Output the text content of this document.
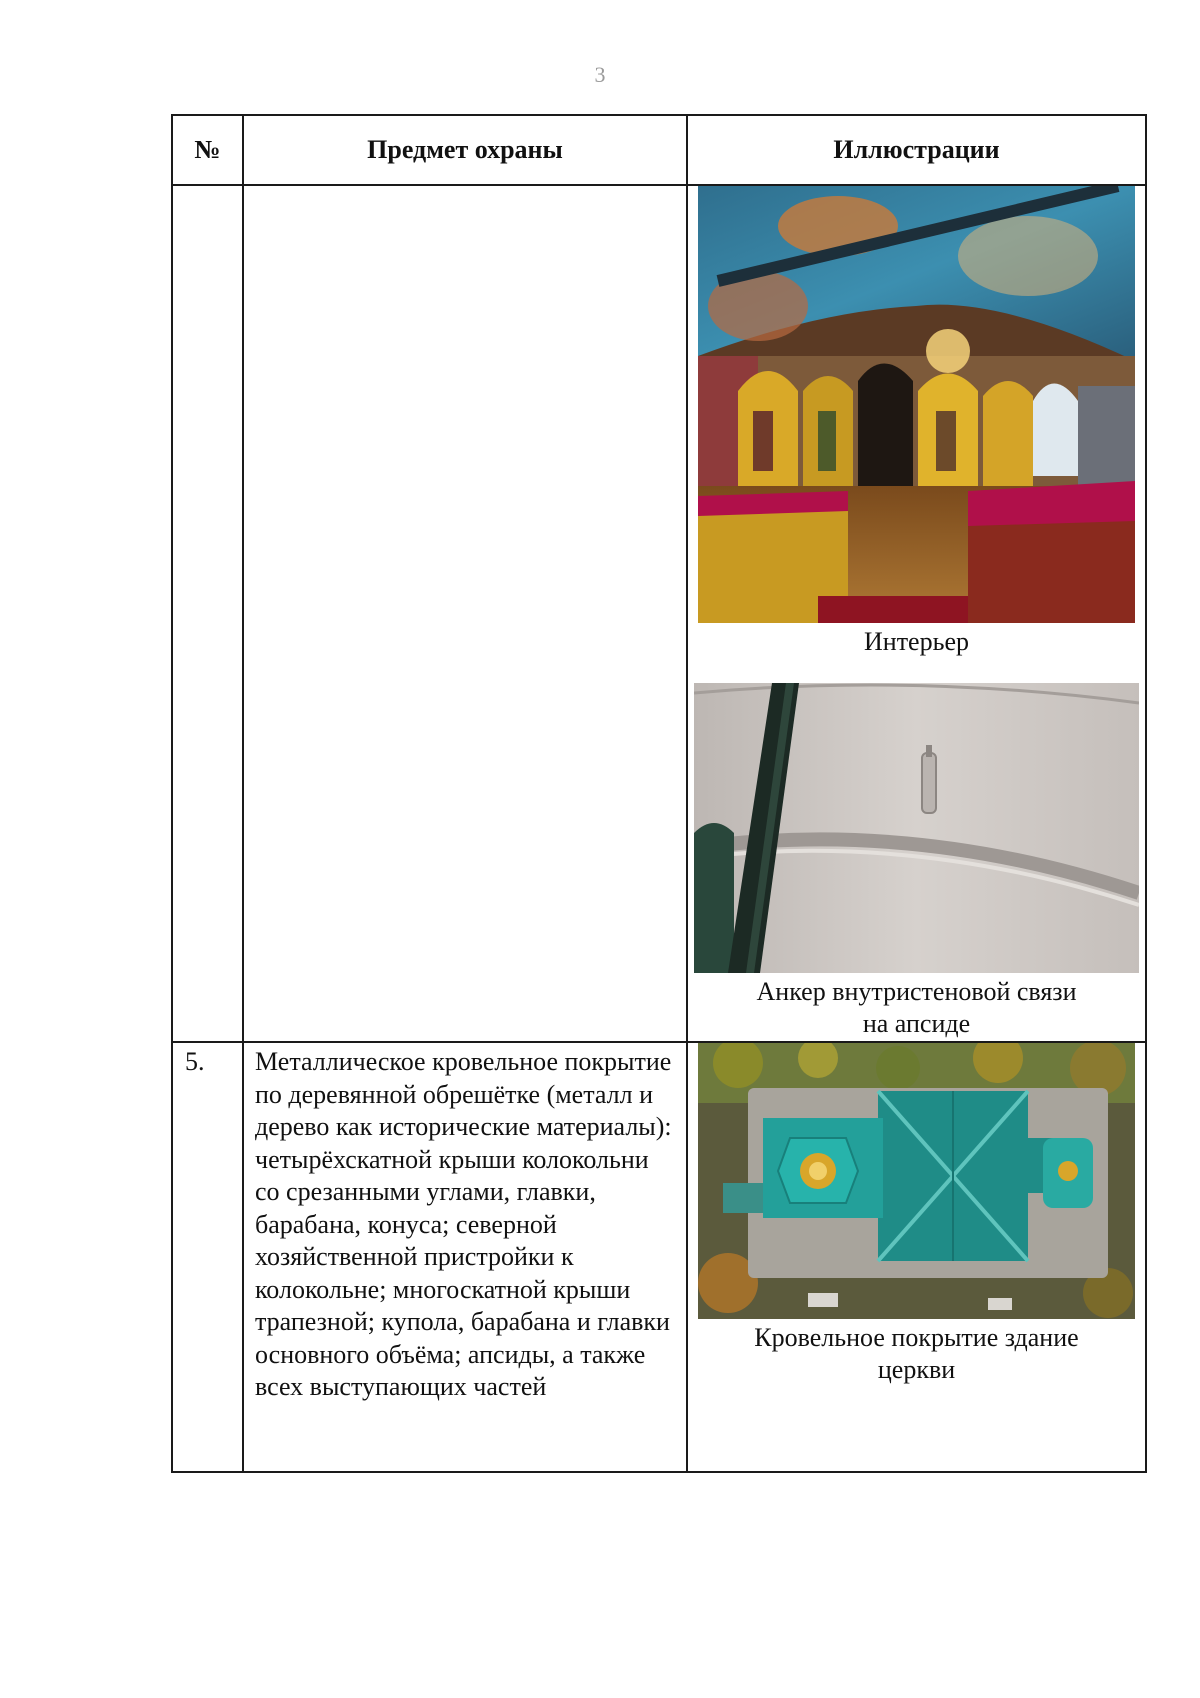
3
№	Предмет охраны	Иллюстрации

		Интерьер
Анкер внутристеновой связи
на апсиде

5.	Металлическое кровельное покрытие по деревянной обрешётке (металл и дерево как исторические материалы): четырёхскатной крыши колокольни со срезанными углами, главки, барабана, конуса; северной хозяйственной пристройки к колокольне; многоскатной крыши трапезной; купола, барабана и главки основного объёма; апсиды, а также всех выступающих частей	Кровельное покрытие здание
церкви
